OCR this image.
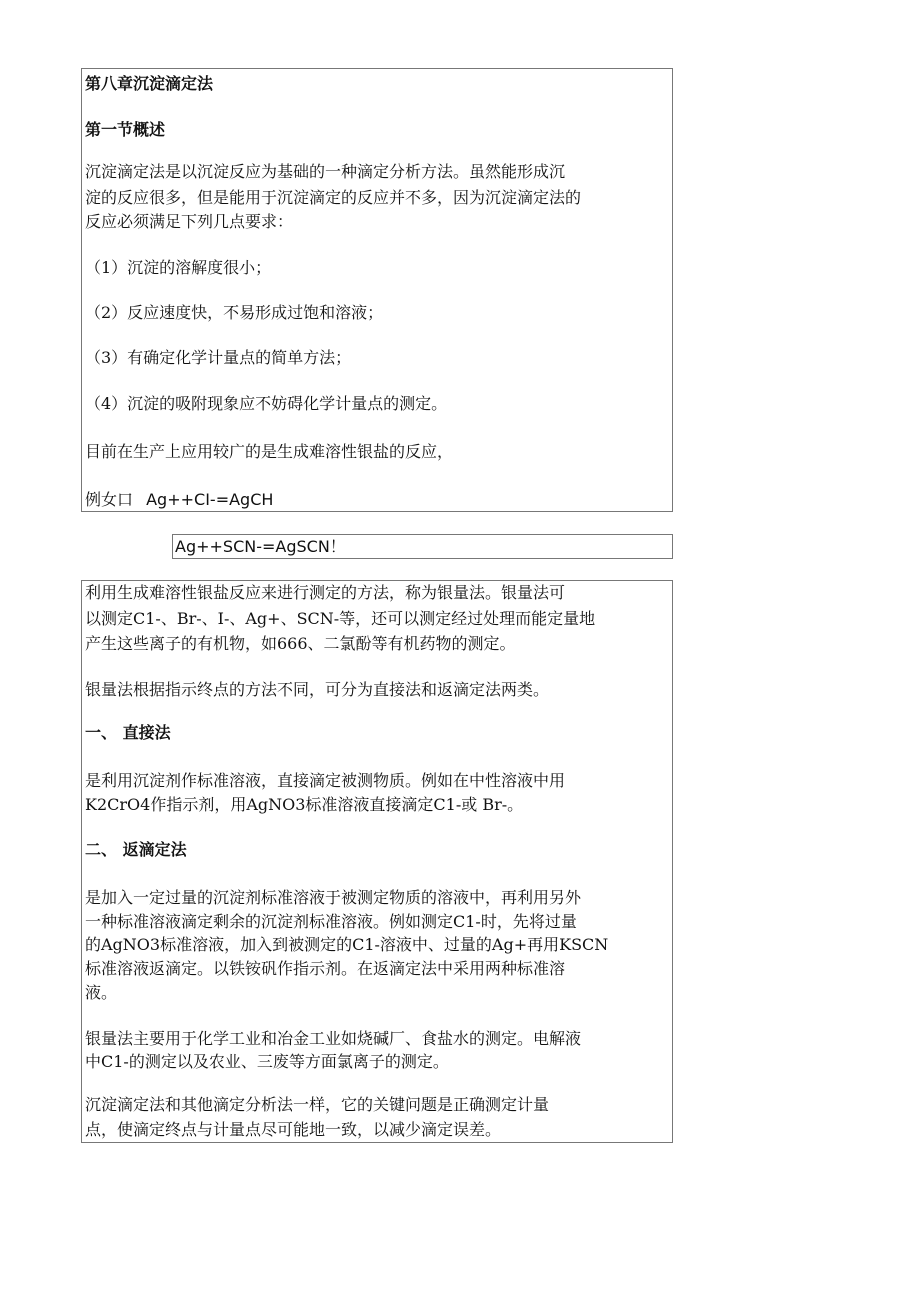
第八章沉淀滴定法
第一节概述
沉淀滴定法是以沉淀反应为基础的一种滴定分析方法。虽然能形成沉
淀的反应很多，但是能用于沉淀滴定的反应并不多，因为沉淀滴定法的
反应必须满足下列几点要求：
（1）沉淀的溶解度很小；
（2）反应速度快，不易形成过饱和溶液；
（3）有确定化学计量点的简单方法；
（4）沉淀的吸附现象应不妨碍化学计量点的测定。
目前在生产上应用较广的是生成难溶性银盐的反应，
例女口 Ag++CI-=AgCH
Ag++SCN-=AgSCN！
利用生成难溶性银盐反应来进行测定的方法，称为银量法。银量法可
以测定C1-、Br-、I-、Ag+、SCN-等，还可以测定经过处理而能定量地
产生这些离子的有机物，如666、二氯酚等有机药物的测定。
银量法根据指示终点的方法不同，可分为直接法和返滴定法两类。
一、 直接法
是利用沉淀剂作标准溶液，直接滴定被测物质。例如在中性溶液中用
K2CrO4作指示剂，用AgNO3标准溶液直接滴定C1-或 Br-。
二、 返滴定法
是加入一定过量的沉淀剂标准溶液于被测定物质的溶液中，再利用另外
一种标准溶液滴定剩余的沉淀剂标准溶液。例如测定C1-时，先将过量
的AgNO3标准溶液，加入到被测定的C1-溶液中、过量的Ag+再用KSCN
标准溶液返滴定。以铁铵矾作指示剂。在返滴定法中采用两种标准溶
液。
银量法主要用于化学工业和冶金工业如烧碱厂、食盐水的测定。电解液
中C1-的测定以及农业、三废等方面氯离子的测定。
沉淀滴定法和其他滴定分析法一样，它的关键问题是正确测定计量
点，使滴定终点与计量点尽可能地一致，以减少滴定误差。
